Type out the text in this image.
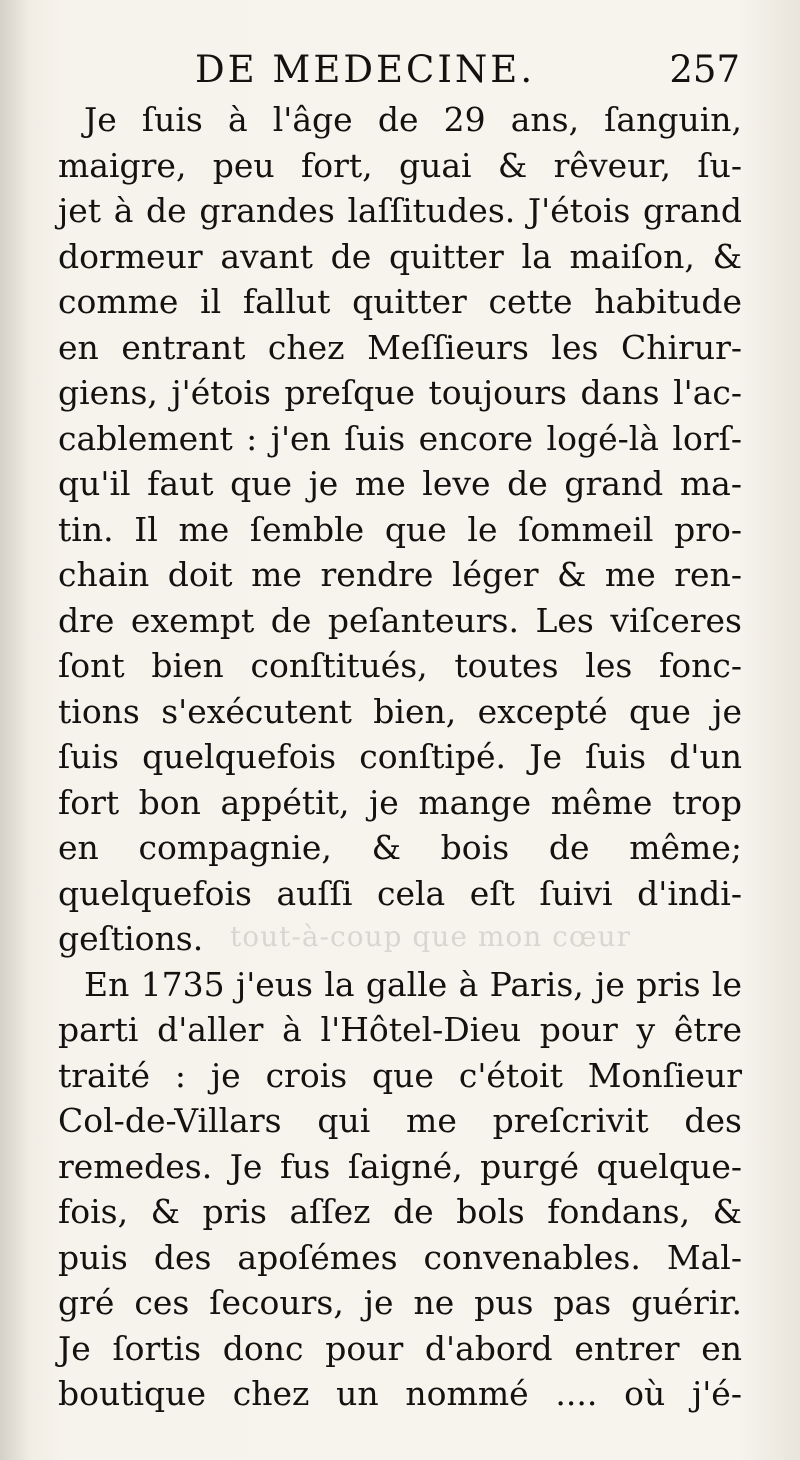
tout-à-coup que mon cœur
DE MEDECINE.	257
Je ſuis à l'âge de 29 ans, ſanguin,
maigre, peu fort, guai & rêveur, ſu-
jet à de grandes laſſitudes. J'étois grand
dormeur avant de quitter la maiſon, &
comme il fallut quitter cette habitude
en entrant chez Meſſieurs les Chirur-
giens, j'étois preſque toujours dans l'ac-
cablement : j'en ſuis encore logé-là lorſ-
qu'il faut que je me leve de grand ma-
tin. Il me ſemble que le ſommeil pro-
chain doit me rendre léger & me ren-
dre exempt de peſanteurs. Les viſceres
ſont bien conſtitués, toutes les fonc-
tions s'exécutent bien, excepté que je
ſuis quelquefois conſtipé. Je ſuis d'un
fort bon appétit, je mange même trop
en compagnie, & bois de même;
quelquefois auſſi cela eſt ſuivi d'indi-
geſtions.
En 1735 j'eus la galle à Paris, je pris le
parti d'aller à l'Hôtel-Dieu pour y être
traité : je crois que c'étoit Monſieur
Col-de-Villars qui me preſcrivit des
remedes. Je fus ſaigné, purgé quelque-
fois, & pris aſſez de bols fondans, &
puis des apoſémes convenables. Mal-
gré ces ſecours, je ne pus pas guérir.
Je ſortis donc pour d'abord entrer en
boutique chez un nommé .... où j'é-
